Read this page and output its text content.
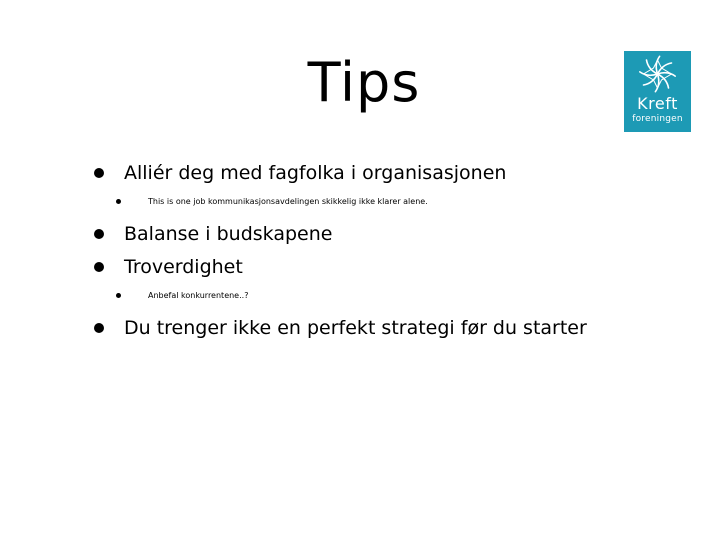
Tips	Kreft
foreningen
Alliér deg med fagfolka i organisasjonen
This is one job kommunikasjonsavdelingen skikkelig ikke klarer alene.
Balanse i budskapene
Troverdighet
Anbefal konkurrentene..?
Du trenger ikke en perfekt strategi før du starter
